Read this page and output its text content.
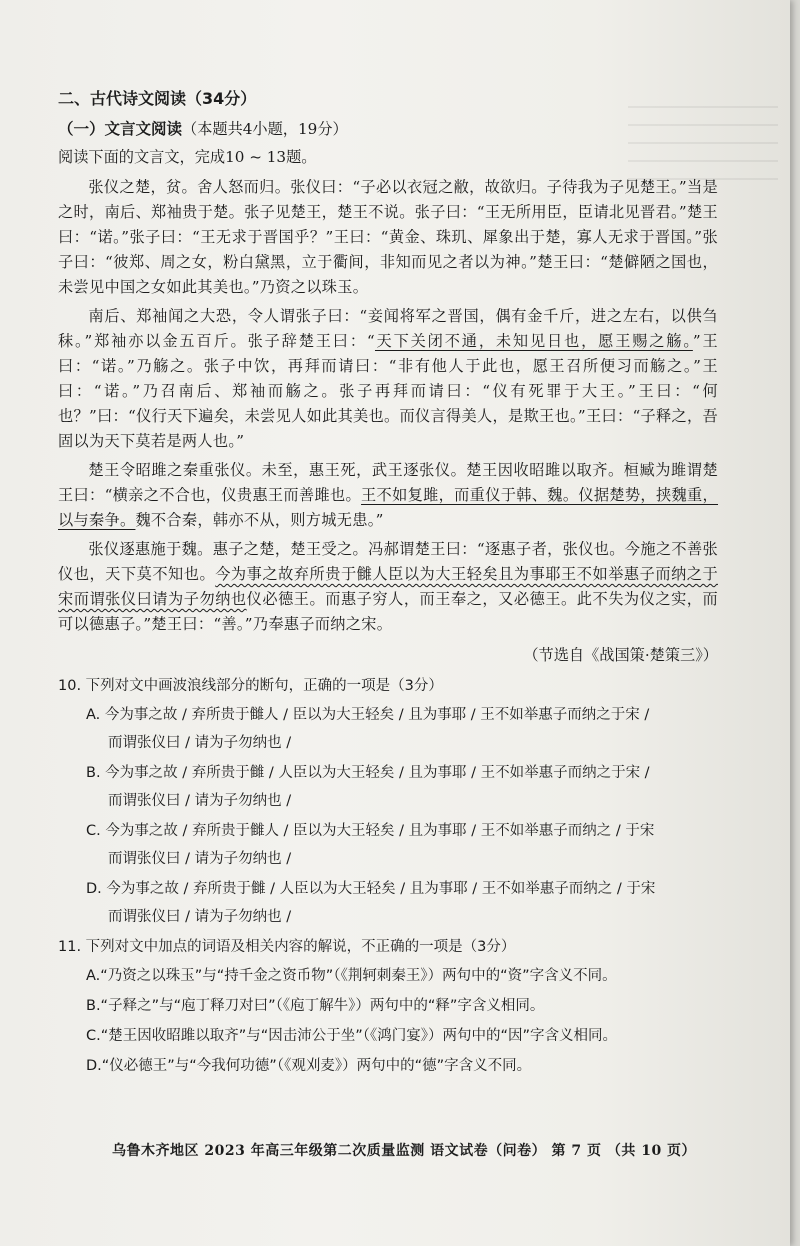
二、古代诗文阅读（34分）
（一）文言文阅读（本题共4小题，19分）
阅读下面的文言文，完成10 ~ 13题。

张仪之楚，贫。舍人怒而归。张仪曰：“子必以衣冠之敝，故欲归。子待我为子见楚王。”当是之时，南后、郑袖贵于楚。张子见楚王，楚王不说。张子曰：“王无所用臣，臣请北见晋君。”楚王曰：“诺。”张子曰：“王无求于晋国乎？”王曰：“黄金、珠玑、犀象出于楚，寡人无求于晋国。”张子曰：“彼郑、周之女，粉白黛黑，立于衢间，非知而见之者以为神。”楚王曰：“楚僻陋之国也，未尝见中国之女如此其美也。”乃资之以珠玉。

南后、郑袖闻之大恐，令人谓张子曰：“妾闻将军之晋国，偶有金千斤，进之左右，以供刍秣。”郑袖亦以金五百斤。张子辞楚王曰：“天下关闭不通，未知见日也，愿王赐之觞。”王曰：“诺。”乃觞之。张子中饮，再拜而请曰：“非有他人于此也，愿王召所便习而觞之。”王曰：“诺。”乃召南后、郑袖而觞之。张子再拜而请曰：“仪有死罪于大王。”王曰：“何也？”曰：“仪行天下遍矣，未尝见人如此其美也。而仪言得美人，是欺王也。”王曰：“子释之，吾固以为天下莫若是两人也。”

楚王令昭雎之秦重张仪。未至，惠王死，武王逐张仪。楚王因收昭雎以取齐。桓臧为雎谓楚王曰：“横亲之不合也，仪贵惠王而善雎也。王不如复雎，而重仪于韩、魏。仪据楚势，挟魏重，以与秦争。魏不合秦，韩亦不从，则方城无患。”

张仪逐惠施于魏。惠子之楚，楚王受之。冯郝谓楚王曰：“逐惠子者，张仪也。今施之不善张仪也，天下莫不知也。今为事之故弃所贵于雠人臣以为大王轻矣且为事耶王不如举惠子而纳之于宋而谓张仪曰请为子勿纳也仪必德王。而惠子穷人，而王奉之，又必德王。此不失为仪之实，而可以德惠子。”楚王曰：“善。”乃奉惠子而纳之宋。

（节选自《战国策·楚策三》）
10. 下列对文中画波浪线部分的断句，正确的一项是（3分）
A. 今为事之故 / 弃所贵于雠人 / 臣以为大王轻矣 / 且为事耶 / 王不如举惠子而纳之于宋 /
而谓张仪曰 / 请为子勿纳也 /
B. 今为事之故 / 弃所贵于雠 / 人臣以为大王轻矣 / 且为事耶 / 王不如举惠子而纳之于宋 /
而谓张仪曰 / 请为子勿纳也 /
C. 今为事之故 / 弃所贵于雠人 / 臣以为大王轻矣 / 且为事耶 / 王不如举惠子而纳之 / 于宋
而谓张仪曰 / 请为子勿纳也 /
D. 今为事之故 / 弃所贵于雠 / 人臣以为大王轻矣 / 且为事耶 / 王不如举惠子而纳之 / 于宋
而谓张仪曰 / 请为子勿纳也 /
11. 下列对文中加点的词语及相关内容的解说，不正确的一项是（3分）
A.“乃资之以珠玉”与“持千金之资币物”（《荆轲刺秦王》）两句中的“资”字含义不同。
B.“子释之”与“庖丁释刀对曰”（《庖丁解牛》）两句中的“释”字含义相同。
C.“楚王因收昭雎以取齐”与“因击沛公于坐”（《鸿门宴》）两句中的“因”字含义相同。
D.“仪必德王”与“今我何功德”（《观刈麦》）两句中的“德”字含义不同。
乌鲁木齐地区 2023 年高三年级第二次质量监测 语文试卷（问卷） 第 7 页 （共 10 页）
